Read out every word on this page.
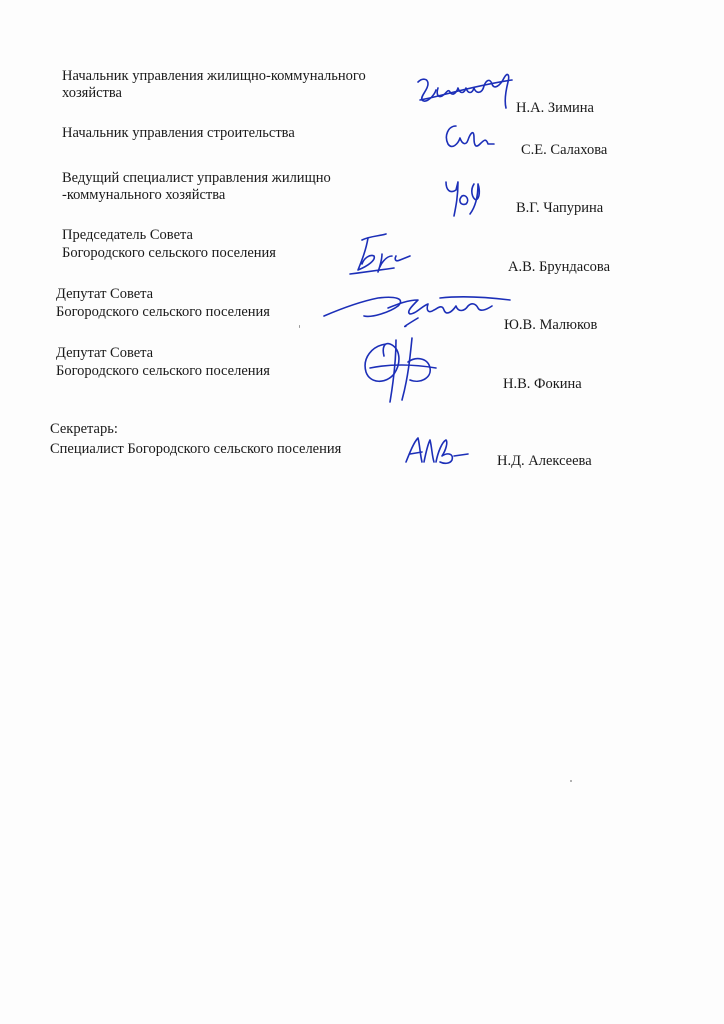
Начальник управления жилищно-коммунального
хозяйства
Н.А. Зимина
Начальник управления строительства
С.Е. Салахова
Ведущий специалист управления жилищно
-коммунального хозяйства
В.Г. Чапурина
Председатель Совета
Богородского сельского поселения
А.В. Брундасова
Депутат Совета
Богородского сельского поселения
Ю.В. Малюков
Депутат Совета
Богородского сельского поселения
Н.В. Фокина
Секретарь:
Специалист Богородского сельского поселения
Н.Д. Алексеева
